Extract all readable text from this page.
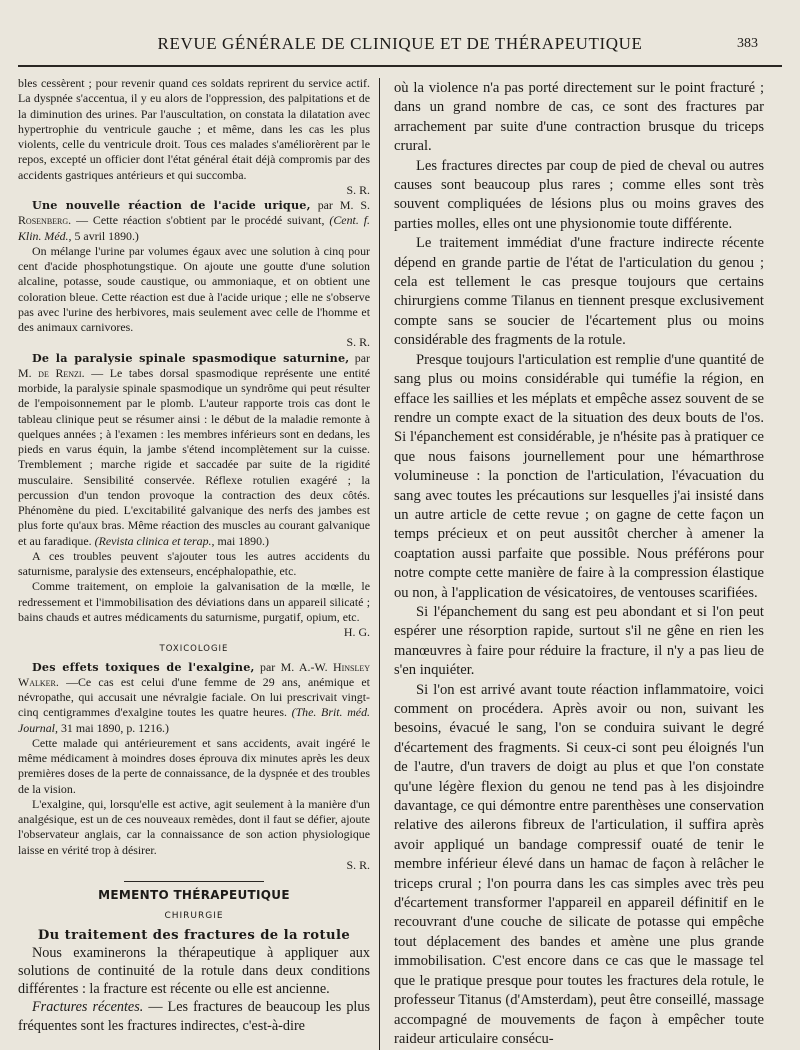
REVUE GÉNÉRALE DE CLINIQUE ET DE THÉRAPEUTIQUE	383

bles cessèrent ; pour revenir quand ces soldats reprirent du service actif. La dyspnée s'accentua, il y eu alors de l'oppression, des palpitations et de la diminution des urines. Par l'auscultation, on constata la dilatation avec hypertrophie du ventricule gauche ; et même, dans les cas les plus violents, celle du ventricule droit. Tous ces malades s'améliorèrent par le repos, excepté un officier dont l'état général était déjà compromis par des accidents gastriques antérieurs et qui succomba.

S. R.

Une nouvelle réaction de l'acide urique, par M. S. Rosenberg. — Cette réaction s'obtient par le procédé suivant, (Cent. f. Klin. Méd., 5 avril 1890.)

On mélange l'urine par volumes égaux avec une solution à cinq pour cent d'acide phosphotungstique. On ajoute une goutte d'une solution alcaline, potasse, soude caustique, ou ammoniaque, et on obtient une coloration bleue. Cette réaction est due à l'acide urique ; elle ne s'observe pas avec l'urine des herbivores, mais seulement avec celle de l'homme et des animaux carnivores.

S. R.

De la paralysie spinale spasmodique saturnine, par M. de Renzi. — Le tabes dorsal spasmodique représente une entité morbide, la paralysie spinale spasmodique un syndrôme qui peut résulter de l'empoisonnement par le plomb. L'auteur rapporte trois cas dont le tableau clinique peut se résumer ainsi : le début de la maladie remonte à quelques années ; à l'examen : les membres inférieurs sont en dedans, les pieds en varus équin, la jambe s'étend incomplètement sur la cuisse. Tremblement ; marche rigide et saccadée par suite de la rigidité musculaire. Sensibilité conservée. Réflexe rotulien exagéré ; la percussion d'un tendon provoque la contraction des deux côtés. Phénomène du pied. L'excitabilité galvanique des nerfs des jambes est plus forte qu'aux bras. Même réaction des muscles au courant galvanique et au faradique. (Revista clinica et terap., mai 1890.)

A ces troubles peuvent s'ajouter tous les autres accidents du saturnisme, paralysie des extenseurs, encéphalopathie, etc.

Comme traitement, on emploie la galvanisation de la mœlle, le redressement et l'immobilisation des déviations dans un appareil silicaté ; bains chauds et autres médicaments du saturnisme, purgatif, opium, etc.

H. G.

TOXICOLOGIE

Des effets toxiques de l'exalgine, par M. A.-W. Hinsley Walker. —Ce cas est celui d'une femme de 29 ans, anémique et névropathe, qui accusait une névralgie faciale. On lui prescrivait vingt-cinq centigrammes d'exalgine toutes les quatre heures. (The. Brit. méd. Journal, 31 mai 1890, p. 1216.)

Cette malade qui antérieurement et sans accidents, avait ingéré le même médicament à moindres doses éprouva dix minutes après les deux premières doses de la perte de connaissance, de la dyspnée et des troubles de la vision.

L'exalgine, qui, lorsqu'elle est active, agit seulement à la manière d'un analgésique, est un de ces nouveaux remèdes, dont il faut se défier, ajoute l'observateur anglais, car la connaissance de son action physiologique laisse en vérité trop à désirer.

S. R.

MEMENTO THÉRAPEUTIQUE
CHIRURGIE
Du traitement des fractures de la rotule

Nous examinerons la thérapeutique à appliquer aux solutions de continuité de la rotule dans deux conditions différentes : la fracture est récente ou elle est ancienne.

Fractures récentes. — Les fractures de beaucoup les plus fréquentes sont les fractures indirectes, c'est-à-dire

où la violence n'a pas porté directement sur le point fracturé ; dans un grand nombre de cas, ce sont des fractures par arrachement par suite d'une contraction brusque du triceps crural.

Les fractures directes par coup de pied de cheval ou autres causes sont beaucoup plus rares ; comme elles sont très souvent compliquées de lésions plus ou moins graves des parties molles, elles ont une physionomie toute différente.

Le traitement immédiat d'une fracture indirecte récente dépend en grande partie de l'état de l'articulation du genou ; cela est tellement le cas presque toujours que certains chirurgiens comme Tilanus en tiennent presque exclusivement compte sans se soucier de l'écartement plus ou moins considérable des fragments de la rotule.

Presque toujours l'articulation est remplie d'une quantité de sang plus ou moins considérable qui tuméfie la région, en efface les saillies et les méplats et empêche assez souvent de se rendre un compte exact de la situation des deux bouts de l'os. Si l'épanchement est considérable, je n'hésite pas à pratiquer ce que nous faisons journellement pour une hémarthrose volumineuse : la ponction de l'articulation, l'évacuation du sang avec toutes les précautions sur lesquelles j'ai insisté dans un autre article de cette revue ; on gagne de cette façon un temps précieux et on peut aussitôt chercher à amener la coaptation aussi parfaite que possible. Nous préférons pour notre compte cette manière de faire à la compression élastique ou non, à l'application de vésicatoires, de ventouses scarifiées.

Si l'épanchement du sang est peu abondant et si l'on peut espérer une résorption rapide, surtout s'il ne gêne en rien les manœuvres à faire pour réduire la fracture, il n'y a pas lieu de s'en inquiéter.

Si l'on est arrivé avant toute réaction inflammatoire, voici comment on procédera. Après avoir ou non, suivant les besoins, évacué le sang, l'on se conduira suivant le degré d'écartement des fragments. Si ceux-ci sont peu éloignés l'un de l'autre, d'un travers de doigt au plus et que l'on constate qu'une légère flexion du genou ne tend pas à les disjoindre davantage, ce qui démontre entre parenthèses une conservation relative des ailerons fibreux de l'articulation, il suffira après avoir appliqué un bandage compressif ouaté de tenir le membre inférieur élevé dans un hamac de façon à relâcher le triceps crural ; l'on pourra dans les cas simples avec très peu d'écartement transformer l'appareil en appareil définitif en le recouvrant d'une couche de silicate de potasse qui empêche tout déplacement des bandes et amène une plus grande immobilisation. C'est encore dans ce cas que le massage tel que le pratique presque pour toutes les fractures dela rotule, le professeur Titanus (d'Amsterdam), peut être conseillé, massage accompagné de mouvements de façon à empêcher toute raideur articulaire consécu-
